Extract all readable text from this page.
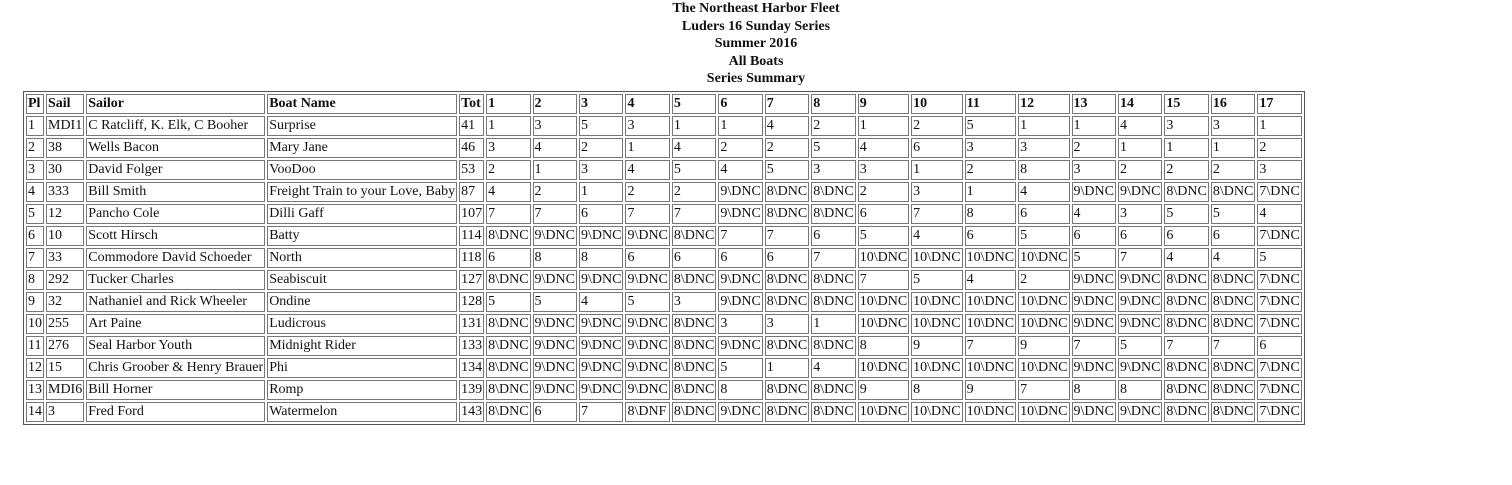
The Northeast Harbor Fleet
Luders 16 Sunday Series
Summer 2016
All Boats
Series Summary
Pl	Sail	Sailor	Boat Name	Tot	1	2	3	4	5	6	7	8	9	10	11	12	13	14	15	16	17
1	MDI1	C Ratcliff, K. Elk, C Booher	Surprise	41	1	3	5	3	1	1	4	2	1	2	5	1	1	4	3	3	1
2	38	Wells Bacon	Mary Jane	46	3	4	2	1	4	2	2	5	4	6	3	3	2	1	1	1	2
3	30	David Folger	VooDoo	53	2	1	3	4	5	4	5	3	3	1	2	8	3	2	2	2	3
4	333	Bill Smith	Freight Train to your Love, Baby	87	4	2	1	2	2	9\DNC	8\DNC	8\DNC	2	3	1	4	9\DNC	9\DNC	8\DNC	8\DNC	7\DNC
5	12	Pancho Cole	Dilli Gaff	107	7	7	6	7	7	9\DNC	8\DNC	8\DNC	6	7	8	6	4	3	5	5	4
6	10	Scott Hirsch	Batty	114	8\DNC	9\DNC	9\DNC	9\DNC	8\DNC	7	7	6	5	4	6	5	6	6	6	6	7\DNC
7	33	Commodore David Schoeder	North	118	6	8	8	6	6	6	6	7	10\DNC	10\DNC	10\DNC	10\DNC	5	7	4	4	5
8	292	Tucker Charles	Seabiscuit	127	8\DNC	9\DNC	9\DNC	9\DNC	8\DNC	9\DNC	8\DNC	8\DNC	7	5	4	2	9\DNC	9\DNC	8\DNC	8\DNC	7\DNC
9	32	Nathaniel and Rick Wheeler	Ondine	128	5	5	4	5	3	9\DNC	8\DNC	8\DNC	10\DNC	10\DNC	10\DNC	10\DNC	9\DNC	9\DNC	8\DNC	8\DNC	7\DNC
10	255	Art Paine	Ludicrous	131	8\DNC	9\DNC	9\DNC	9\DNC	8\DNC	3	3	1	10\DNC	10\DNC	10\DNC	10\DNC	9\DNC	9\DNC	8\DNC	8\DNC	7\DNC
11	276	Seal Harbor Youth	Midnight Rider	133	8\DNC	9\DNC	9\DNC	9\DNC	8\DNC	9\DNC	8\DNC	8\DNC	8	9	7	9	7	5	7	7	6
12	15	Chris Groober & Henry Brauer	Phi	134	8\DNC	9\DNC	9\DNC	9\DNC	8\DNC	5	1	4	10\DNC	10\DNC	10\DNC	10\DNC	9\DNC	9\DNC	8\DNC	8\DNC	7\DNC
13	MDI6	Bill Horner	Romp	139	8\DNC	9\DNC	9\DNC	9\DNC	8\DNC	8	8\DNC	8\DNC	9	8	9	7	8	8	8\DNC	8\DNC	7\DNC
14	3	Fred Ford	Watermelon	143	8\DNC	6	7	8\DNF	8\DNC	9\DNC	8\DNC	8\DNC	10\DNC	10\DNC	10\DNC	10\DNC	9\DNC	9\DNC	8\DNC	8\DNC	7\DNC
